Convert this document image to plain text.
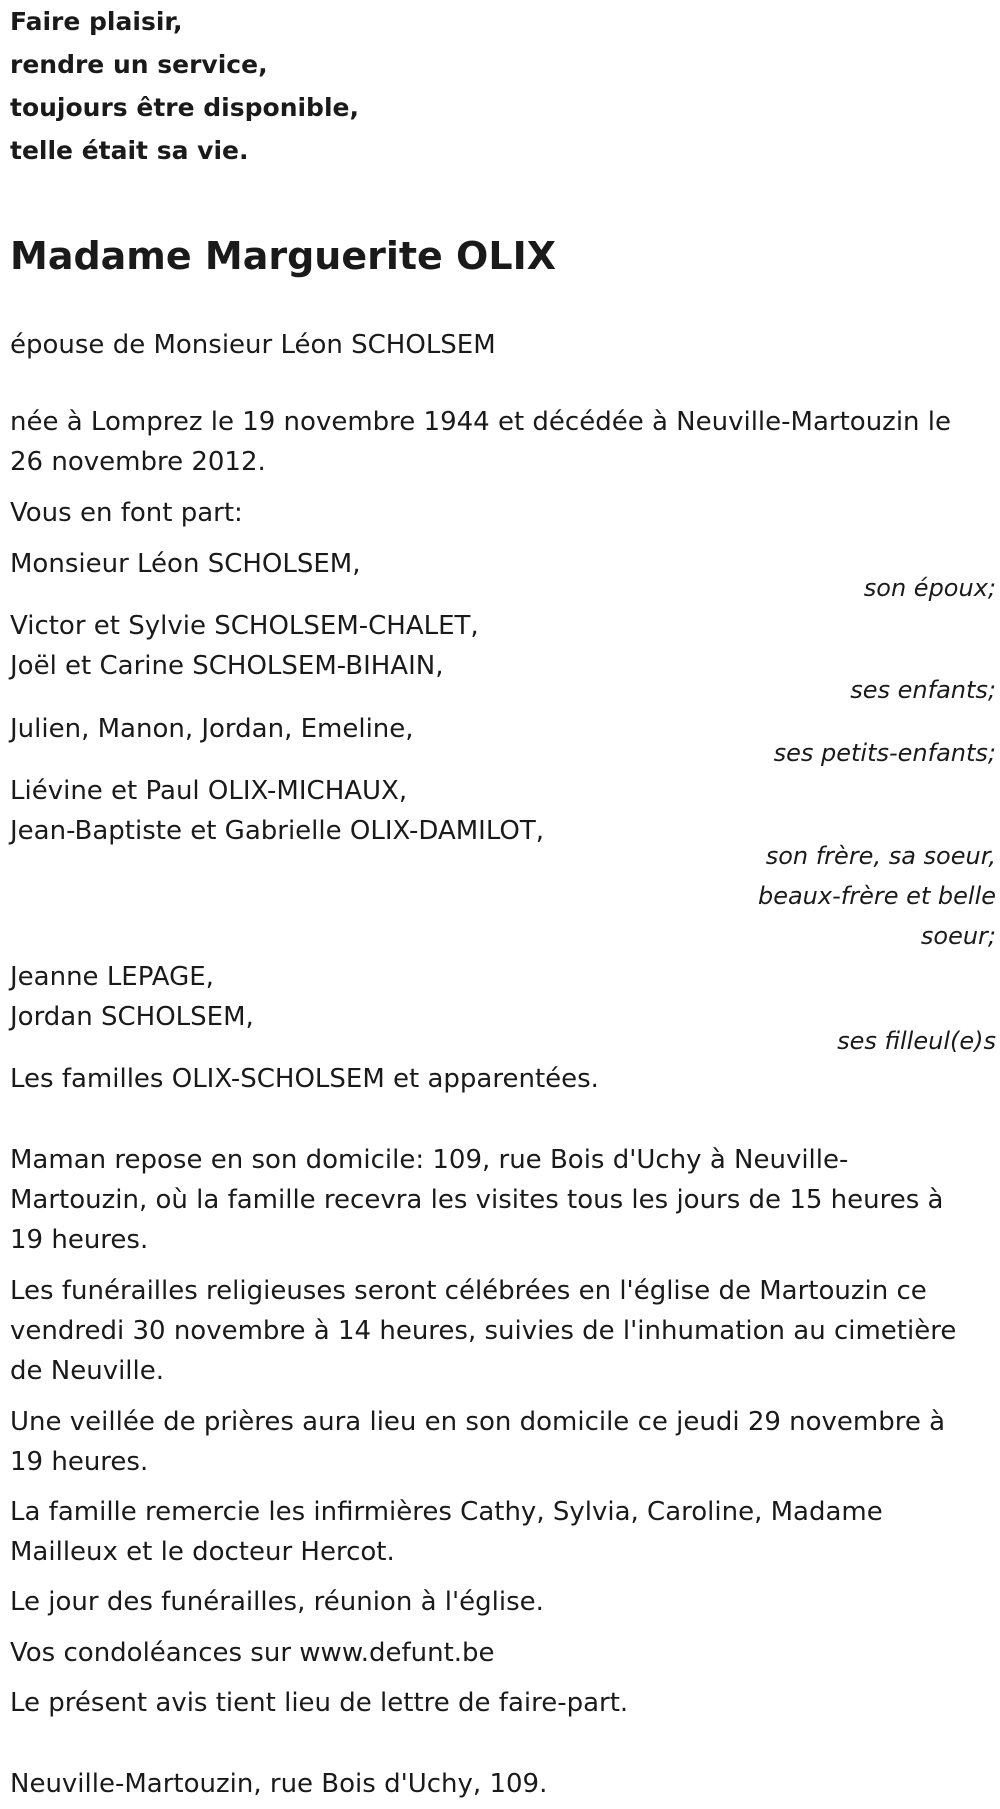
Faire plaisir,

rendre un service,

toujours être disponible,

telle était sa vie.

Madame Marguerite OLIX

épouse de Monsieur Léon SCHOLSEM

née à Lomprez le 19 novembre 1944 et décédée à Neuville-Martouzin le

26 novembre 2012.

Vous en font part:

Monsieur Léon SCHOLSEM,

son époux;

Victor et Sylvie SCHOLSEM-CHALET,

Joël et Carine SCHOLSEM-BIHAIN,

ses enfants;

Julien, Manon, Jordan, Emeline,

ses petits-enfants;

Liévine et Paul OLIX-MICHAUX,

Jean-Baptiste et Gabrielle OLIX-DAMILOT,

son frère, sa soeur,

beaux-frère et belle

soeur;

Jeanne LEPAGE,

Jordan SCHOLSEM,

ses filleul(e)s

Les familles OLIX-SCHOLSEM et apparentées.

Maman repose en son domicile: 109, rue Bois d'Uchy à Neuville-

Martouzin, où la famille recevra les visites tous les jours de 15 heures à

19 heures.

Les funérailles religieuses seront célébrées en l'église de Martouzin ce

vendredi 30 novembre à 14 heures, suivies de l'inhumation au cimetière

de Neuville.

Une veillée de prières aura lieu en son domicile ce jeudi 29 novembre à

19 heures.

La famille remercie les infirmières Cathy, Sylvia, Caroline, Madame

Mailleux et le docteur Hercot.

Le jour des funérailles, réunion à l'église.

Vos condoléances sur www.defunt.be

Le présent avis tient lieu de lettre de faire-part.

Neuville-Martouzin, rue Bois d'Uchy, 109.
